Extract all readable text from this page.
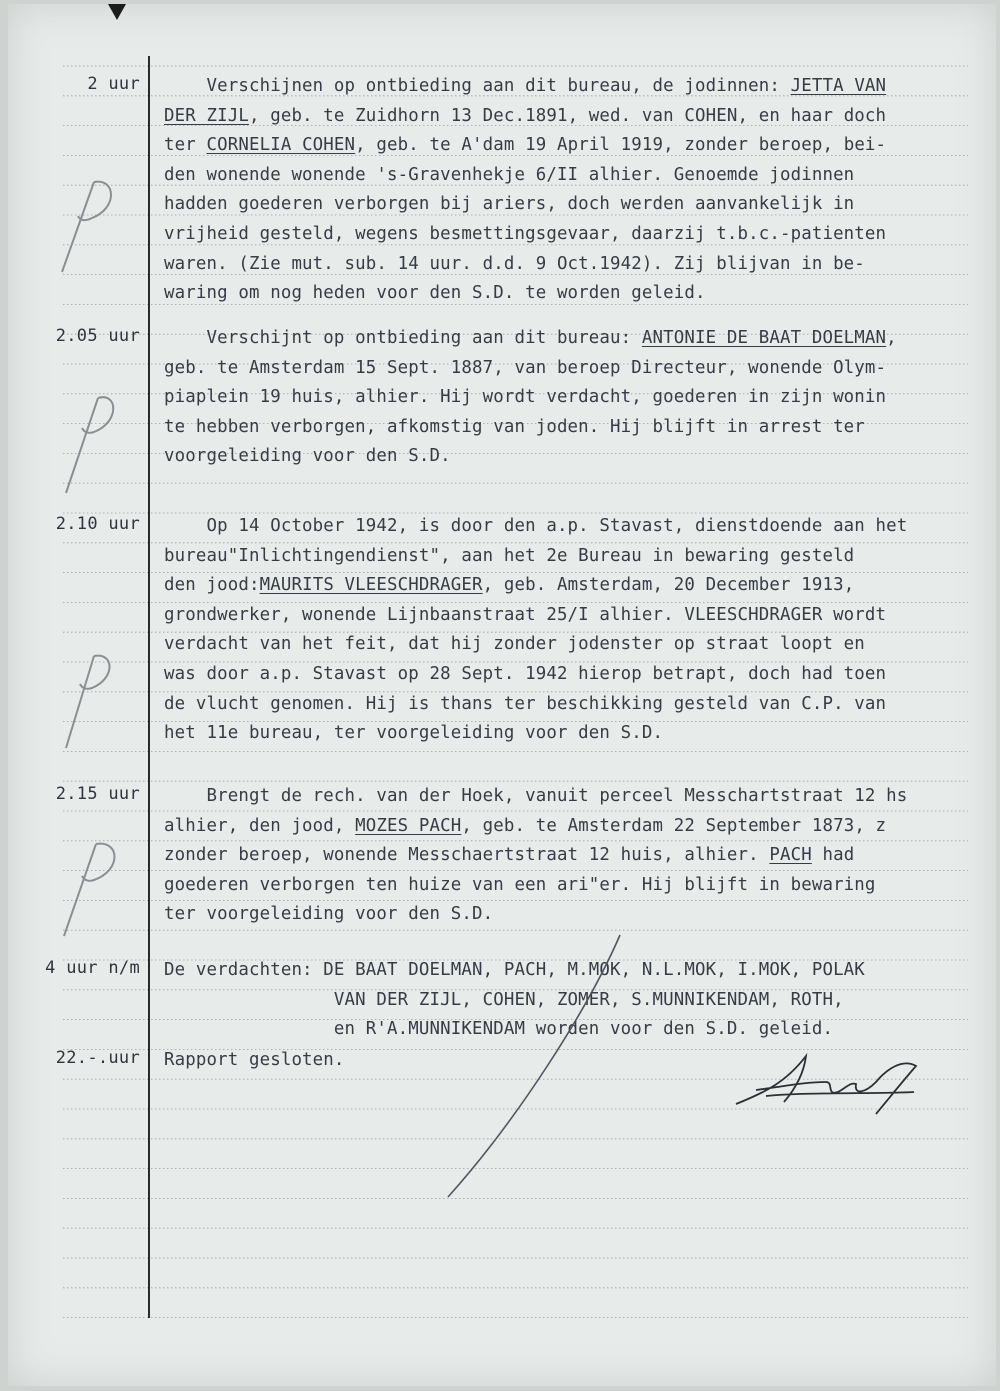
2 uur Verschijnen op ontbieding aan dit bureau, de jodinnen: JETTA VAN
DER ZIJL, geb. te Zuidhorn 13 Dec.1891, wed. van COHEN, en haar doch
ter CORNELIA COHEN, geb. te A'dam 19 April 1919, zonder beroep, bei-
den wonende wonende 's-Gravenhekje 6/II alhier. Genoemde jodinnen
hadden goederen verborgen bij ariers, doch werden aanvankelijk in
vrijheid gesteld, wegens besmettingsgevaar, daarzij t.b.c.-patienten
waren. (Zie mut. sub. 14 uur. d.d. 9 Oct.1942). Zij blijvan in be-
waring om nog heden voor den S.D. te worden geleid.
2.05 uur Verschijnt op ontbieding aan dit bureau: ANTONIE DE BAAT DOELMAN,
geb. te Amsterdam 15 Sept. 1887, van beroep Directeur, wonende Olym-
piaplein 19 huis, alhier. Hij wordt verdacht, goederen in zijn wonin
te hebben verborgen, afkomstig van joden. Hij blijft in arrest ter
voorgeleiding voor den S.D.
2.10 uur Op 14 October 1942, is door den a.p. Stavast, dienstdoende aan het
bureau"Inlichtingendienst", aan het 2e Bureau in bewaring gesteld
den jood:MAURITS VLEESCHDRAGER, geb. Amsterdam, 20 December 1913,
grondwerker, wonende Lijnbaanstraat 25/I alhier. VLEESCHDRAGER wordt
verdacht van het feit, dat hij zonder jodenster op straat loopt en
was door a.p. Stavast op 28 Sept. 1942 hierop betrapt, doch had toen
de vlucht genomen. Hij is thans ter beschikking gesteld van C.P. van
het 11e bureau, ter voorgeleiding voor den S.D.
2.15 uur Brengt de rech. van der Hoek, vanuit perceel Messchartstraat 12 hs
alhier, den jood, MOZES PACH, geb. te Amsterdam 22 September 1873, z
zonder beroep, wonende Messchaertstraat 12 huis, alhier. PACH had
goederen verborgen ten huize van een ari"er. Hij blijft in bewaring
ter voorgeleiding voor den S.D.
4 uur n/m De verdachten: DE BAAT DOELMAN, PACH, M.MOK, N.L.MOK, I.MOK, POLAK
VAN DER ZIJL, COHEN, ZOMER, S.MUNNIKENDAM, ROTH,
en R'A.MUNNIKENDAM worden voor den S.D. geleid.
22.-.uur Rapport gesloten.
